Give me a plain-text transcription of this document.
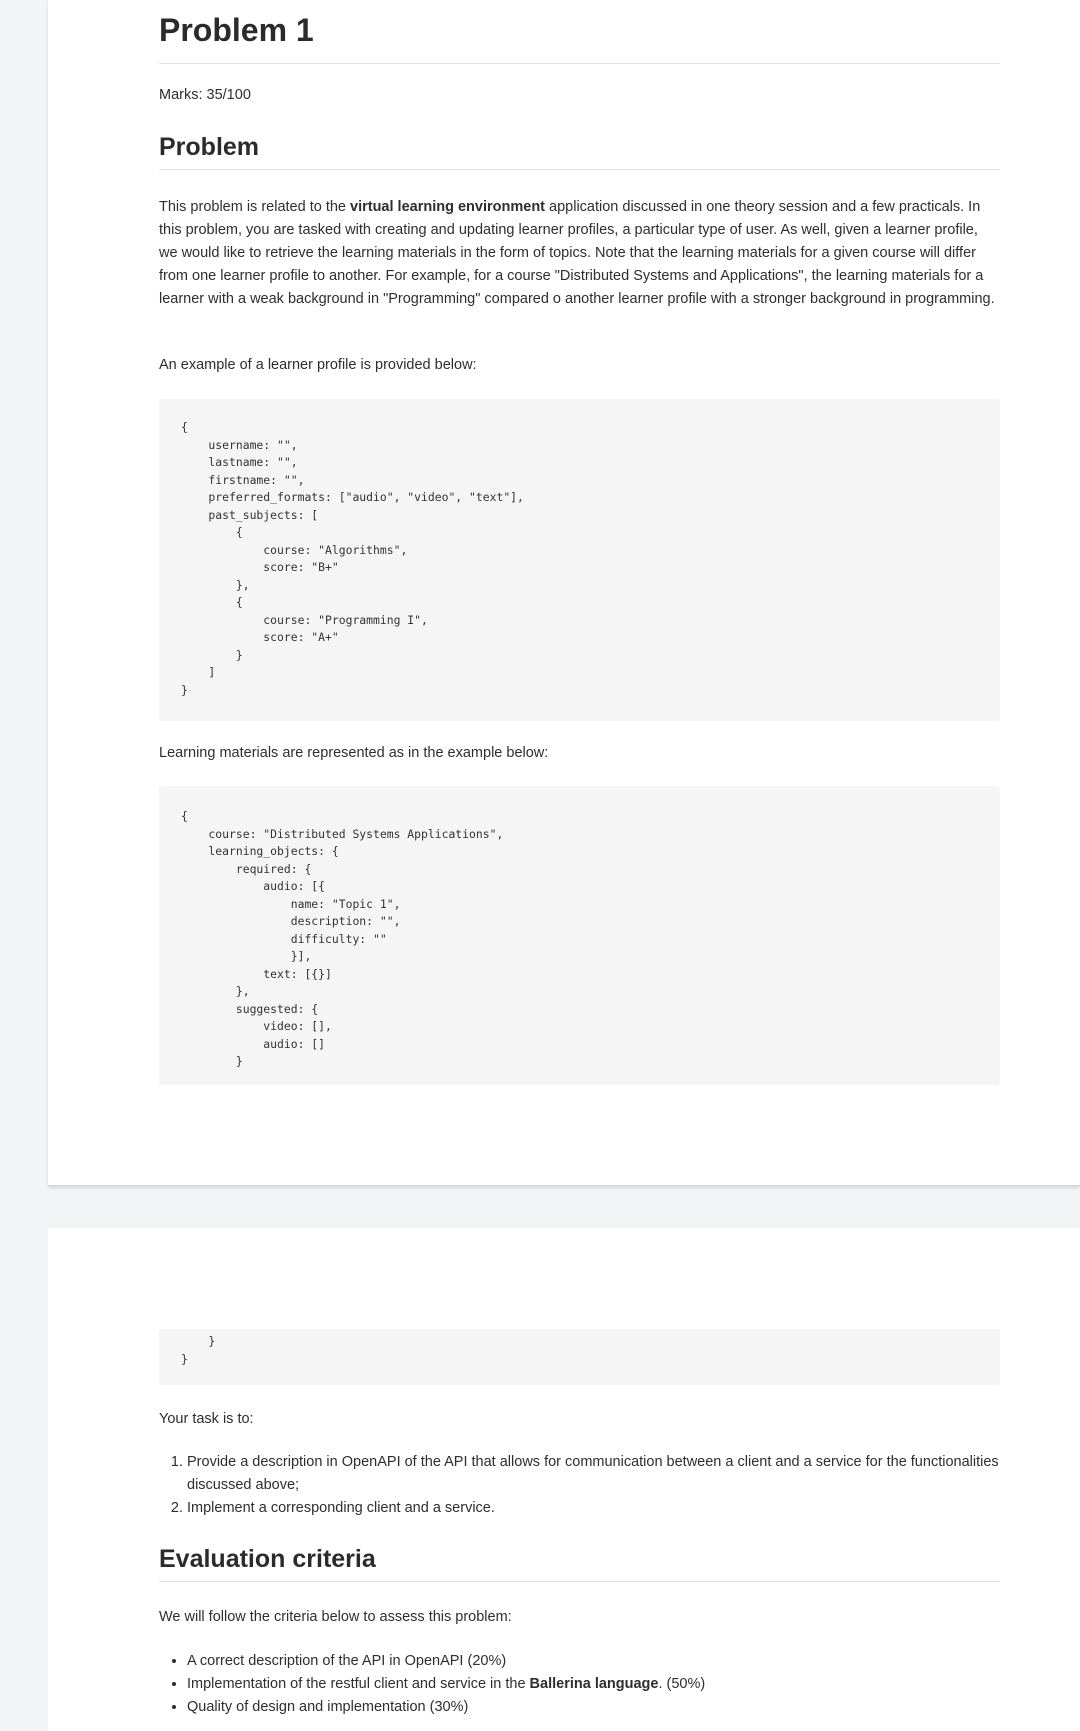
Problem 1
Marks: 35/100
Problem
This problem is related to the virtual learning environment application discussed in one theory session and a few practicals. In this problem, you are tasked with creating and updating learner profiles, a particular type of user. As well, given a learner profile, we would like to retrieve the learning materials in the form of topics. Note that the learning materials for a given course will differ from one learner profile to another. For example, for a course "Distributed Systems and Applications", the learning materials for a learner with a weak background in "Programming" compared o another learner profile with a stronger background in programming.
An example of a learner profile is provided below:
{
username: "",
lastname: "",
firstname: "",
preferred_formats: ["audio", "video", "text"],
past_subjects: [
{
course: "Algorithms",
score: "B+"
},
{
course: "Programming I",
score: "A+"
}
]
}
Learning materials are represented as in the example below:
{
course: "Distributed Systems Applications",
learning_objects: {
required: {
audio: [{
name: "Topic 1",
description: "",
difficulty: ""
}],
text: [{}]
},
suggested: {
video: [],
audio: []
}
}
}
Your task is to:
1. Provide a description in OpenAPI of the API that allows for communication between a client and a service for the functionalities discussed above;
2. Implement a corresponding client and a service.
Evaluation criteria
We will follow the criteria below to assess this problem:
• A correct description of the API in OpenAPI (20%)
• Implementation of the restful client and service in the Ballerina language. (50%)
• Quality of design and implementation (30%)
